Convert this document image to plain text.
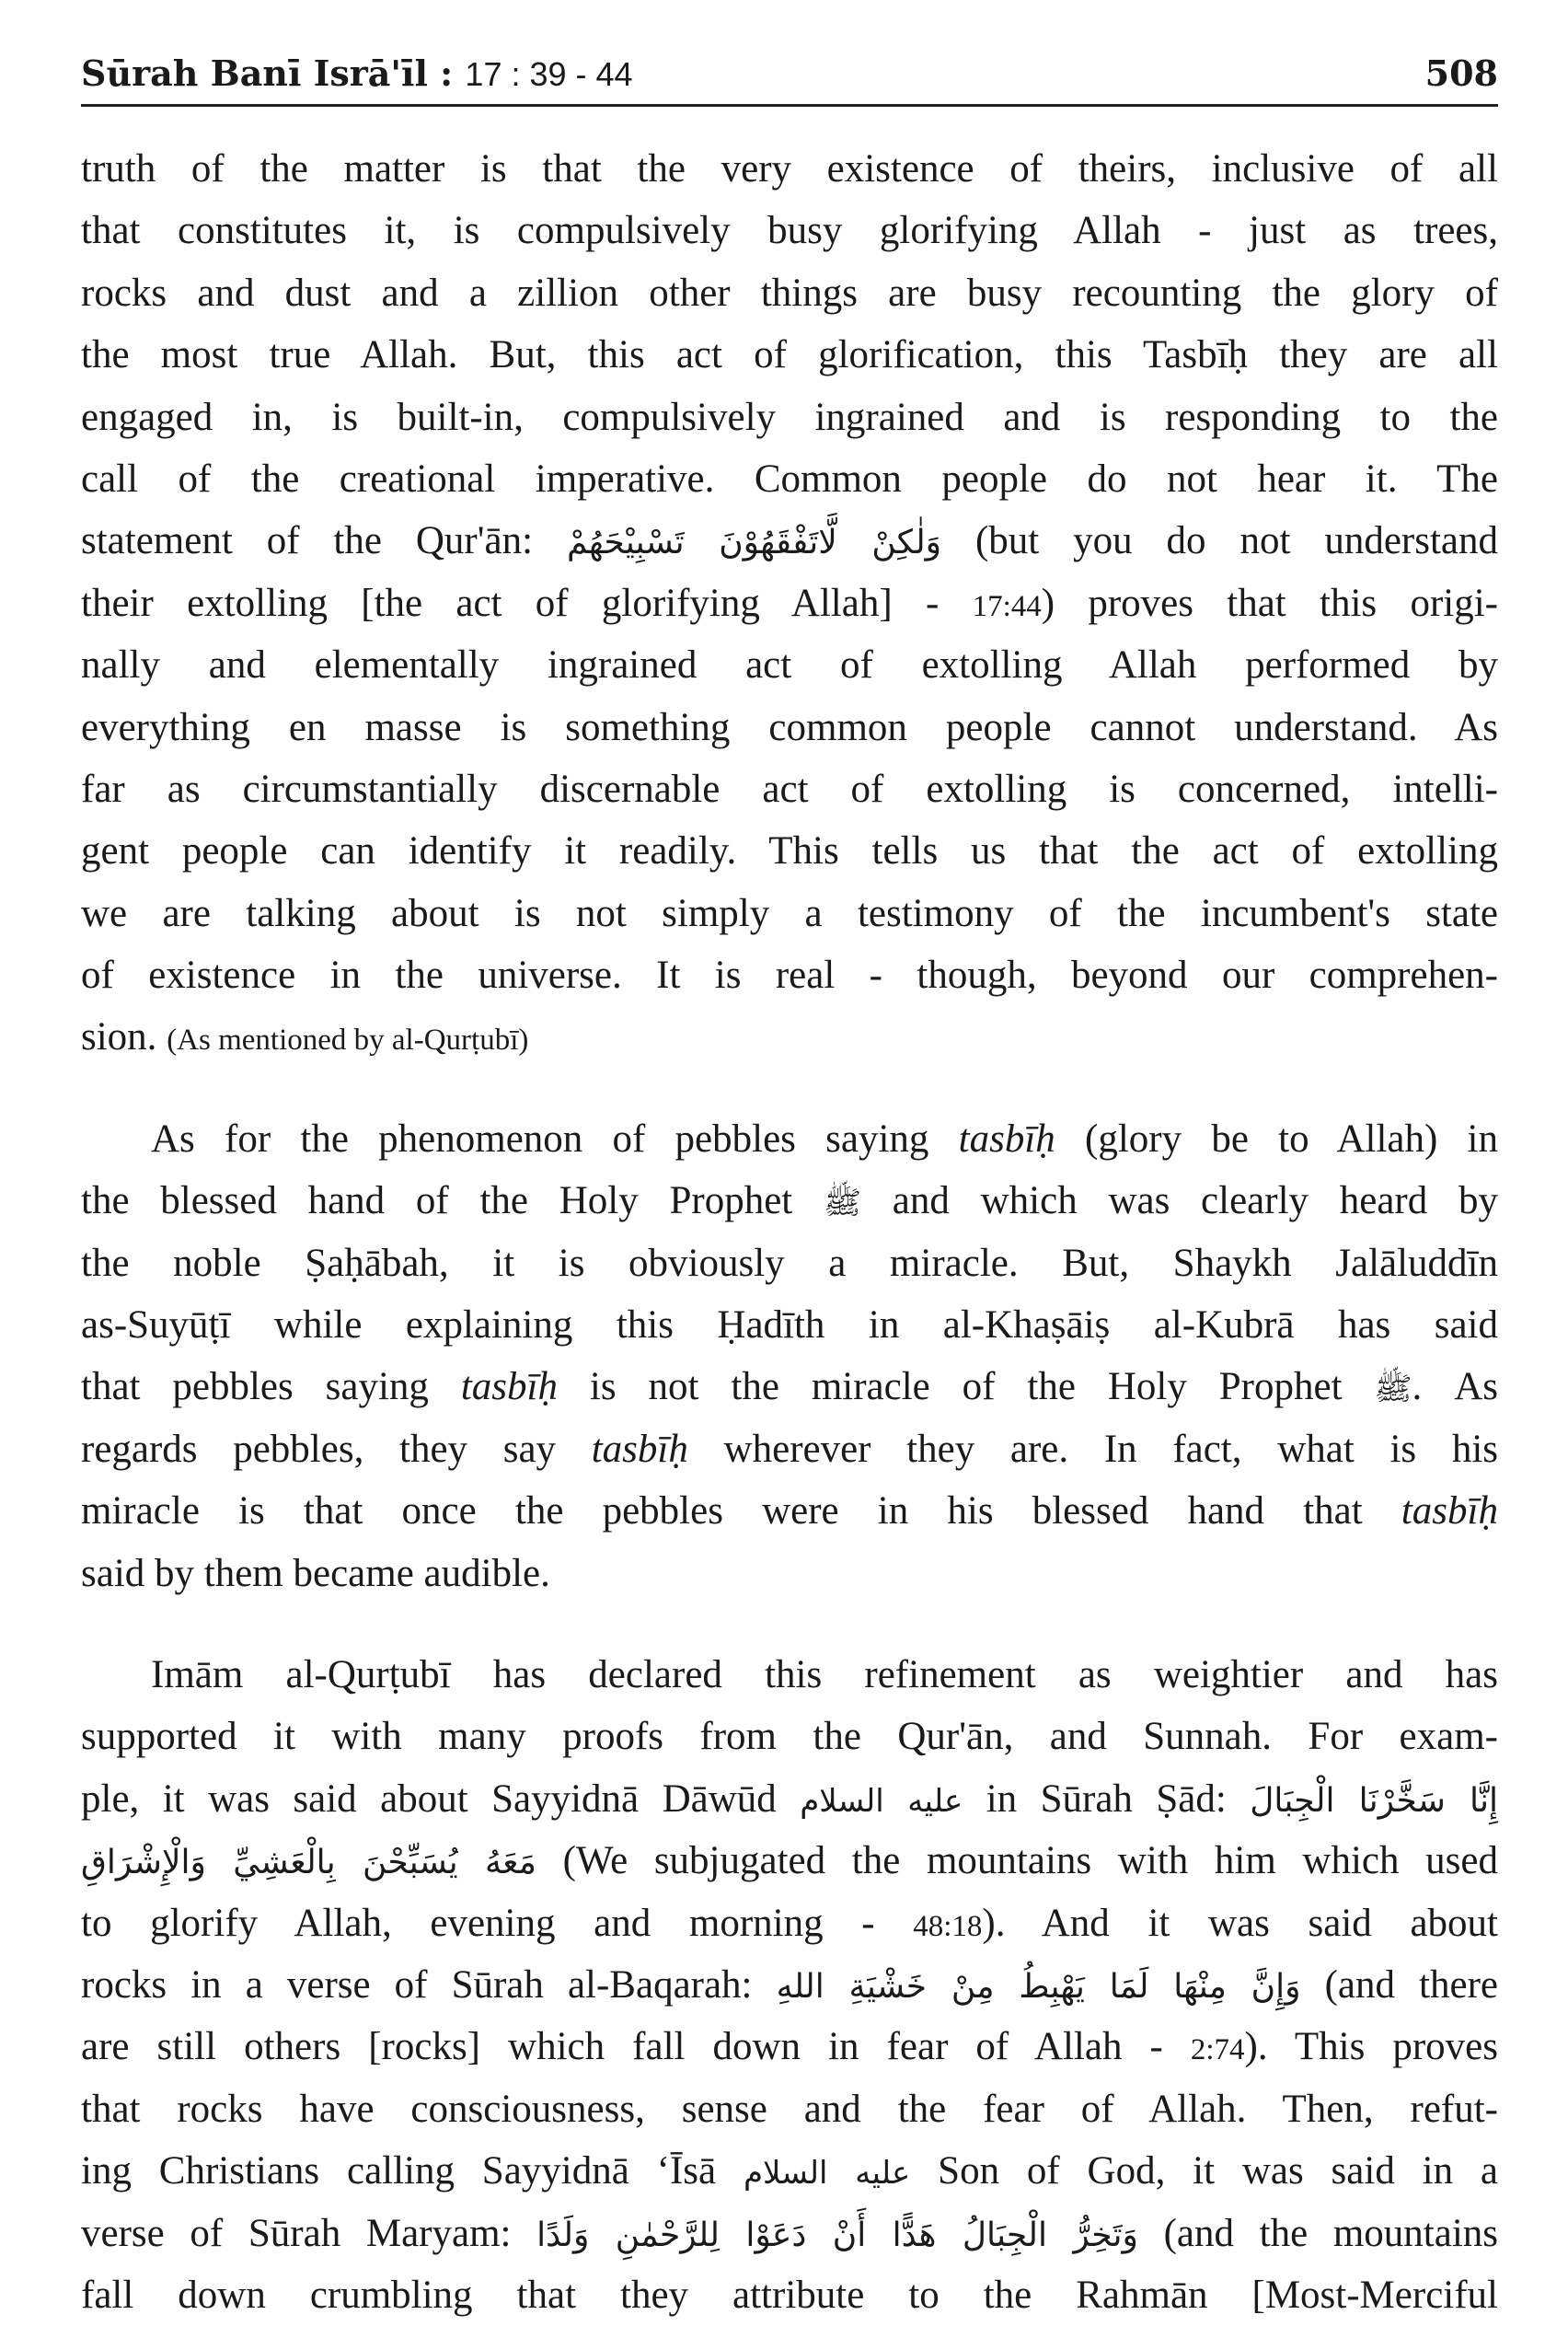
Sūrah Banī Isrā'īl : 17 : 39 - 44	508
truth of the matter is that the very existence of theirs, inclusive of all
that constitutes it, is compulsively busy glorifying Allah - just as trees,
rocks and dust and a zillion other things are busy recounting the glory of
the most true Allah. But, this act of glorification, this Tasbīḥ they are all
engaged in, is built-in, compulsively ingrained and is responding to the
call of the creational imperative. Common people do not hear it. The
statement of the Qur'ān: وَلٰكِنْ لَّاتَفْقَهُوْنَ تَسْبِيْحَهُمْ (but you do not understand
their extolling [the act of glorifying Allah] - 17:44) proves that this origi-
nally and elementally ingrained act of extolling Allah performed by
everything en masse is something common people cannot understand. As
far as circumstantially discernable act of extolling is concerned, intelli-
gent people can identify it readily. This tells us that the act of extolling
we are talking about is not simply a testimony of the incumbent's state
of existence in the universe. It is real - though, beyond our comprehen-
sion. (As mentioned by al-Qurṭubī)
As for the phenomenon of pebbles saying tasbīḥ (glory be to Allah) in
the blessed hand of the Holy Prophet ﷺ and which was clearly heard by
the noble Ṣaḥābah, it is obviously a miracle. But, Shaykh Jalāluddīn
as-Suyūṭī while explaining this Ḥadīth in al-Khaṣāiṣ al-Kubrā has said
that pebbles saying tasbīḥ is not the miracle of the Holy Prophet ﷺ. As
regards pebbles, they say tasbīḥ wherever they are. In fact, what is his
miracle is that once the pebbles were in his blessed hand that tasbīḥ
said by them became audible.
Imām al-Qurṭubī has declared this refinement as weightier and has
supported it with many proofs from the Qur'ān, and Sunnah. For exam-
ple, it was said about Sayyidnā Dāwūd عليه السلام in Sūrah Ṣād: إِنَّا سَخَّرْنَا الْجِبَالَ
مَعَهُ يُسَبِّحْنَ بِالْعَشِيِّ وَالْإِشْرَاقِ (We subjugated the mountains with him which used
to glorify Allah, evening and morning - 48:18). And it was said about
rocks in a verse of Sūrah al-Baqarah: وَإِنَّ مِنْهَا لَمَا يَهْبِطُ مِنْ خَشْيَةِ اللهِ (and there
are still others [rocks] which fall down in fear of Allah - 2:74). This proves
that rocks have consciousness, sense and the fear of Allah. Then, refut-
ing Christians calling Sayyidnā ‘Īsā عليه السلام Son of God, it was said in a
verse of Sūrah Maryam: وَتَخِرُّ الْجِبَالُ هَدًّا أَنْ دَعَوْا لِلرَّحْمٰنِ وَلَدًا (and the mountains
fall down crumbling that they attribute to the Rahmān [Most-Merciful
